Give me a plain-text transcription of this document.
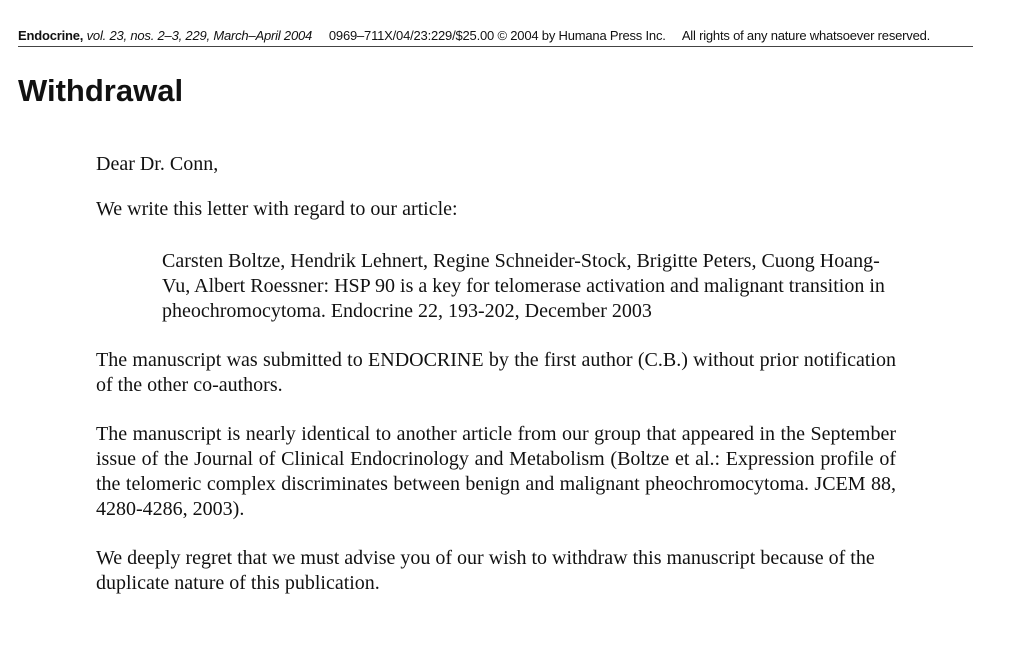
Endocrine, vol. 23, nos. 2–3, 229, March–April 2004 0969–711X/04/23:229/$25.00 © 2004 by Humana Press Inc. All rights of any nature whatsoever reserved.
Withdrawal

Dear Dr. Conn,

We write this letter with regard to our article:

Carsten Boltze, Hendrik Lehnert, Regine Schneider-Stock, Brigitte Peters, Cuong Hoang-Vu, Albert Roessner: HSP 90 is a key for telomerase activation and malignant transition in pheochromocytoma. Endocrine 22, 193-202, December 2003

The manuscript was submitted to ENDOCRINE by the first author (C.B.) without prior notification of the other co-authors.

The manuscript is nearly identical to another article from our group that appeared in the September issue of the Journal of Clinical Endocrinology and Metabolism (Boltze et al.: Expression profile of the telomeric complex discriminates between benign and malignant pheochromocytoma. JCEM 88, 4280-4286, 2003).

We deeply regret that we must advise you of our wish to withdraw this manuscript because of the duplicate nature of this publication.
